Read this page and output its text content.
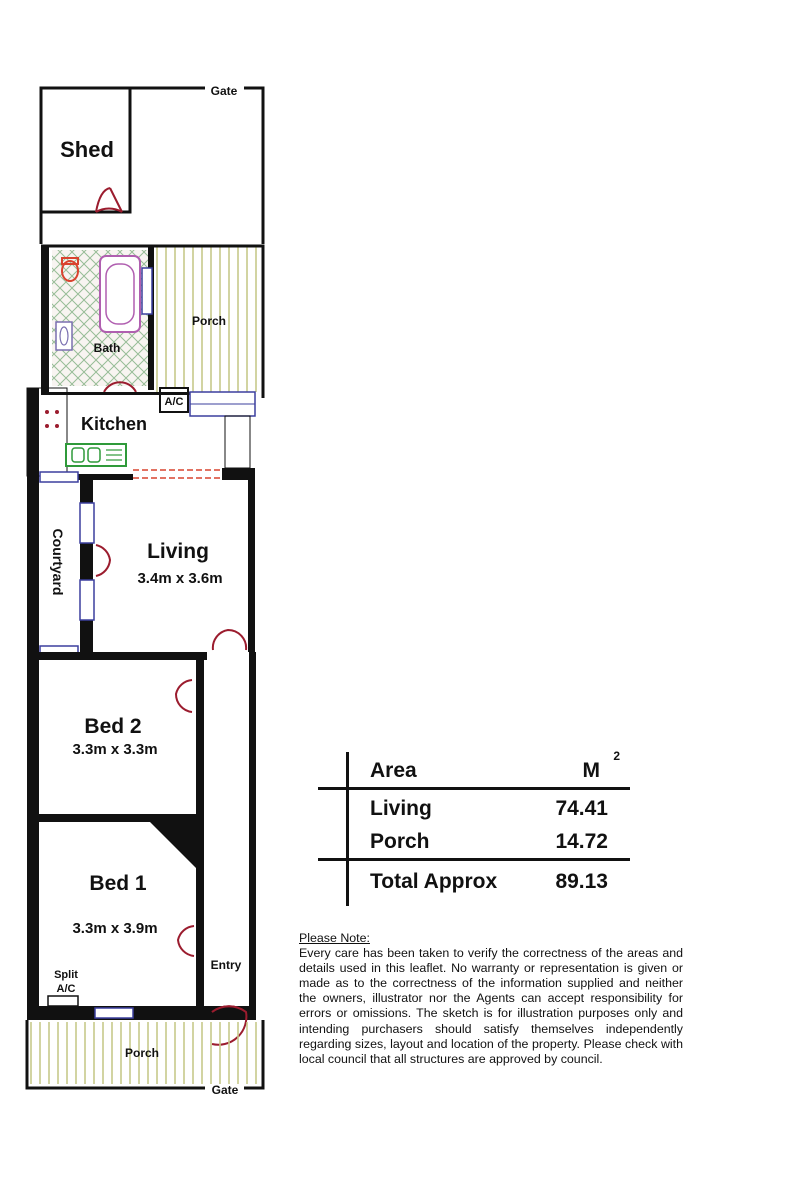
Gate
Shed
Porch
Bath
A/C
Kitchen
Courtyard	Living
3.4m x 3.6m
Bed 2
3.3m x 3.3m
Bed 1
3.3m x 3.9m
Split
A/C
Entry
Porch
Gate
Area	M
2
Living	74.41
Porch	14.72
Total Approx	89.13
Please Note:
Every care has been taken to verify the correctness of the areas and details used in this leaflet. No warranty or representation is given or made as to the correctness of the information supplied and neither the owners, illustrator nor the Agents can accept responsibility for errors or omissions. The sketch is for illustration purposes only and intending purchasers should satisfy themselves independently regarding sizes, layout and location of the property. Please check with local council that all structures are approved by council.
